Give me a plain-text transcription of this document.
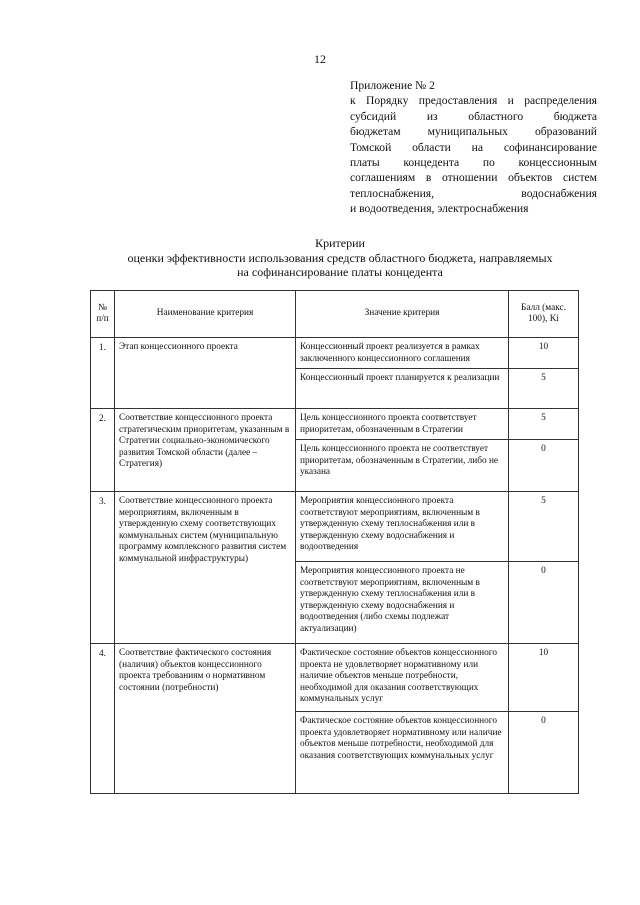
12
Приложение № 2
к Порядку предоставления и распределения
субсидий из областного бюджета
бюджетам муниципальных образований
Томской области на софинансирование
платы концедента по концессионным
соглашениям в отношении объектов систем
теплоснабжения, водоснабжения
и водоотведения, электроснабжения
Критерии
оценки эффективности использования средств областного бюджета, направляемых
на софинансирование платы концедента
№ п/п	Наименование критерия	Значение критерия	Балл (макс. 100), Ki
1.	Этап концессионного проекта	Концессионный проект реализуется в рамках заключенного концессионного соглашения	10
		Концессионный проект планируется к реализации	5
2.	Соответствие концессионного проекта стратегическим приоритетам, указанным в Стратегии социально-экономического развития Томской области (далее – Стратегия)	Цель концессионного проекта соответствует приоритетам, обозначенным в Стратегии	5
		Цель концессионного проекта не соответствует приоритетам, обозначенным в Стратегии, либо не указана	0
3.	Соответствие концессионного проекта мероприятиям, включенным в утвержденную схему соответствующих коммунальных систем (муниципальную программу комплексного развития систем коммунальной инфраструктуры)	Мероприятия концессионного проекта соответствуют мероприятиям, включенным в утвержденную схему теплоснабжения или в утвержденную схему водоснабжения и водоотведения	5
		Мероприятия концессионного проекта не соответствуют мероприятиям, включенным в утвержденную схему теплоснабжения или в утвержденную схему водоснабжения и водоотведения (либо схемы подлежат актуализации)	0
4.	Соответствие фактического состояния (наличия) объектов концессионного проекта требованиям о нормативном состоянии (потребности)	Фактическое состояние объектов концессионного проекта не удовлетворяет нормативному или наличие объектов меньше потребности, необходимой для оказания соответствующих коммунальных услуг	10
		Фактическое состояние объектов концессионного проекта удовлетворяет нормативному или наличие объектов меньше потребности, необходимой для оказания соответствующих коммунальных услуг	0
